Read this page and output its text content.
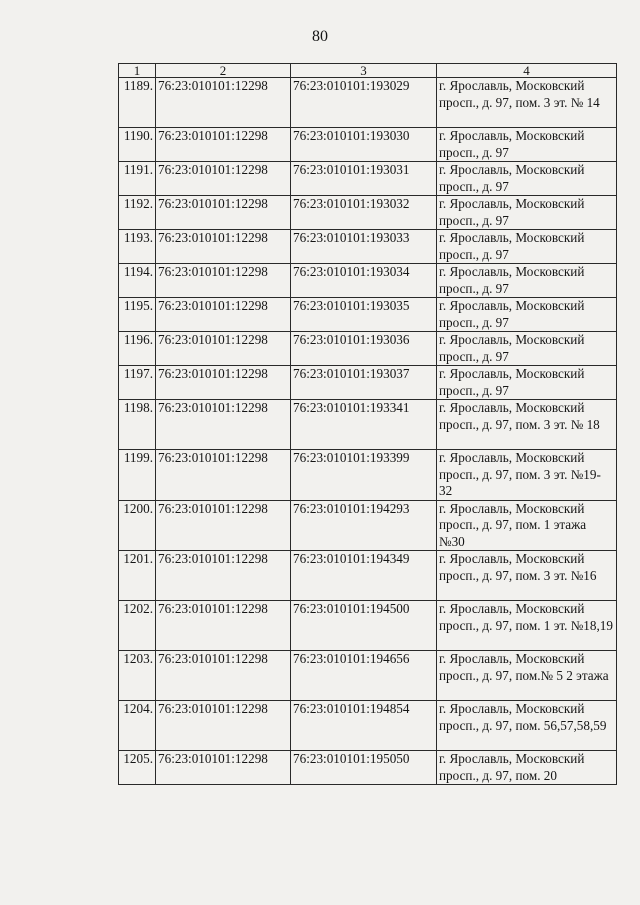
80
1	2	3	4
1189.	76:23:010101:12298	76:23:010101:193029	г. Ярославль, Московский просп., д. 97, пом. 3 эт. № 14
1190.	76:23:010101:12298	76:23:010101:193030	г. Ярославль, Московский просп., д. 97
1191.	76:23:010101:12298	76:23:010101:193031	г. Ярославль, Московский просп., д. 97
1192.	76:23:010101:12298	76:23:010101:193032	г. Ярославль, Московский просп., д. 97
1193.	76:23:010101:12298	76:23:010101:193033	г. Ярославль, Московский просп., д. 97
1194.	76:23:010101:12298	76:23:010101:193034	г. Ярославль, Московский просп., д. 97
1195.	76:23:010101:12298	76:23:010101:193035	г. Ярославль, Московский просп., д. 97
1196.	76:23:010101:12298	76:23:010101:193036	г. Ярославль, Московский просп., д. 97
1197.	76:23:010101:12298	76:23:010101:193037	г. Ярославль, Московский просп., д. 97
1198.	76:23:010101:12298	76:23:010101:193341	г. Ярославль, Московский просп., д. 97, пом. 3 эт. № 18
1199.	76:23:010101:12298	76:23:010101:193399	г. Ярославль, Московский просп., д. 97, пом. 3 эт. №19-32
1200.	76:23:010101:12298	76:23:010101:194293	г. Ярославль, Московский просп., д. 97, пом. 1 этажа №30
1201.	76:23:010101:12298	76:23:010101:194349	г. Ярославль, Московский просп., д. 97, пом. 3 эт. №16
1202.	76:23:010101:12298	76:23:010101:194500	г. Ярославль, Московский просп., д. 97, пом. 1 эт. №18,19
1203.	76:23:010101:12298	76:23:010101:194656	г. Ярославль, Московский просп., д. 97, пом.№ 5 2 этажа
1204.	76:23:010101:12298	76:23:010101:194854	г. Ярославль, Московский просп., д. 97, пом. 56,57,58,59
1205.	76:23:010101:12298	76:23:010101:195050	г. Ярославль, Московский просп., д. 97, пом. 20
